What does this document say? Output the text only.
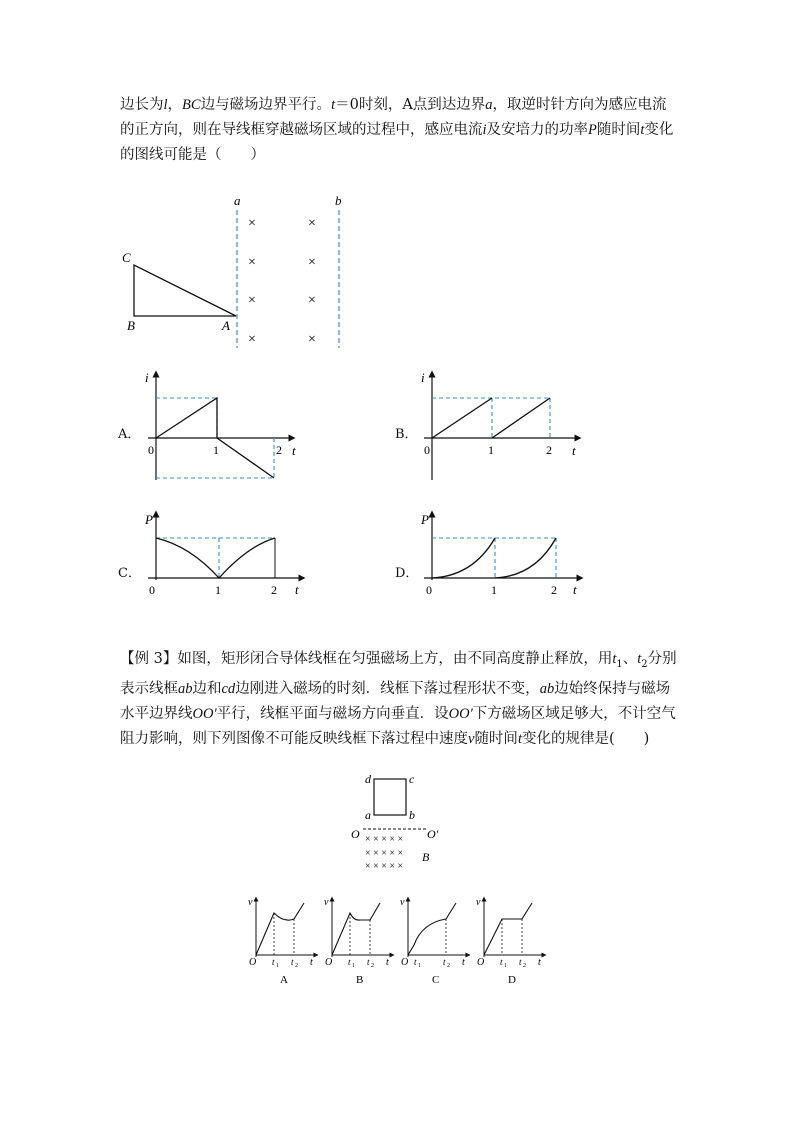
边长为l，BC边与磁场边界平行。t＝0时刻，A点到达边界a，取逆时针方向为感应电流的正方向，则在导线框穿越磁场区域的过程中，感应电流i及安培力的功率P随时间t变化的图线可能是（　　）
a	b
×	×
×	×
×	×
×	×
C
B	A
A．
i
t
0	1	2
B．
i
t
0	1	2
C．
P
t
0	1	2
D．
P
t
0	1	2
【例 3】如图，矩形闭合导体线框在匀强磁场上方，由不同高度静止释放，用$t_1$、$t_2$分别表示线框ab边和cd边刚进入磁场的时刻．线框下落过程形状不变，ab边始终保持与磁场水平边界线OO′平行，线框平面与磁场方向垂直．设OO′下方磁场区域足够大，不计空气阻力影响，则下列图像不可能反映线框下落过程中速度v随时间t变化的规律是(　　)
d	c
a	b
O	O′
× × × × ×
× × × × ×
× × × × ×
B
v
O t 1 t 2 t
A
v
O t 1 t 2 t
B
v
O t 1 t 2 t
C
v
O t 1 t 2 t
D
